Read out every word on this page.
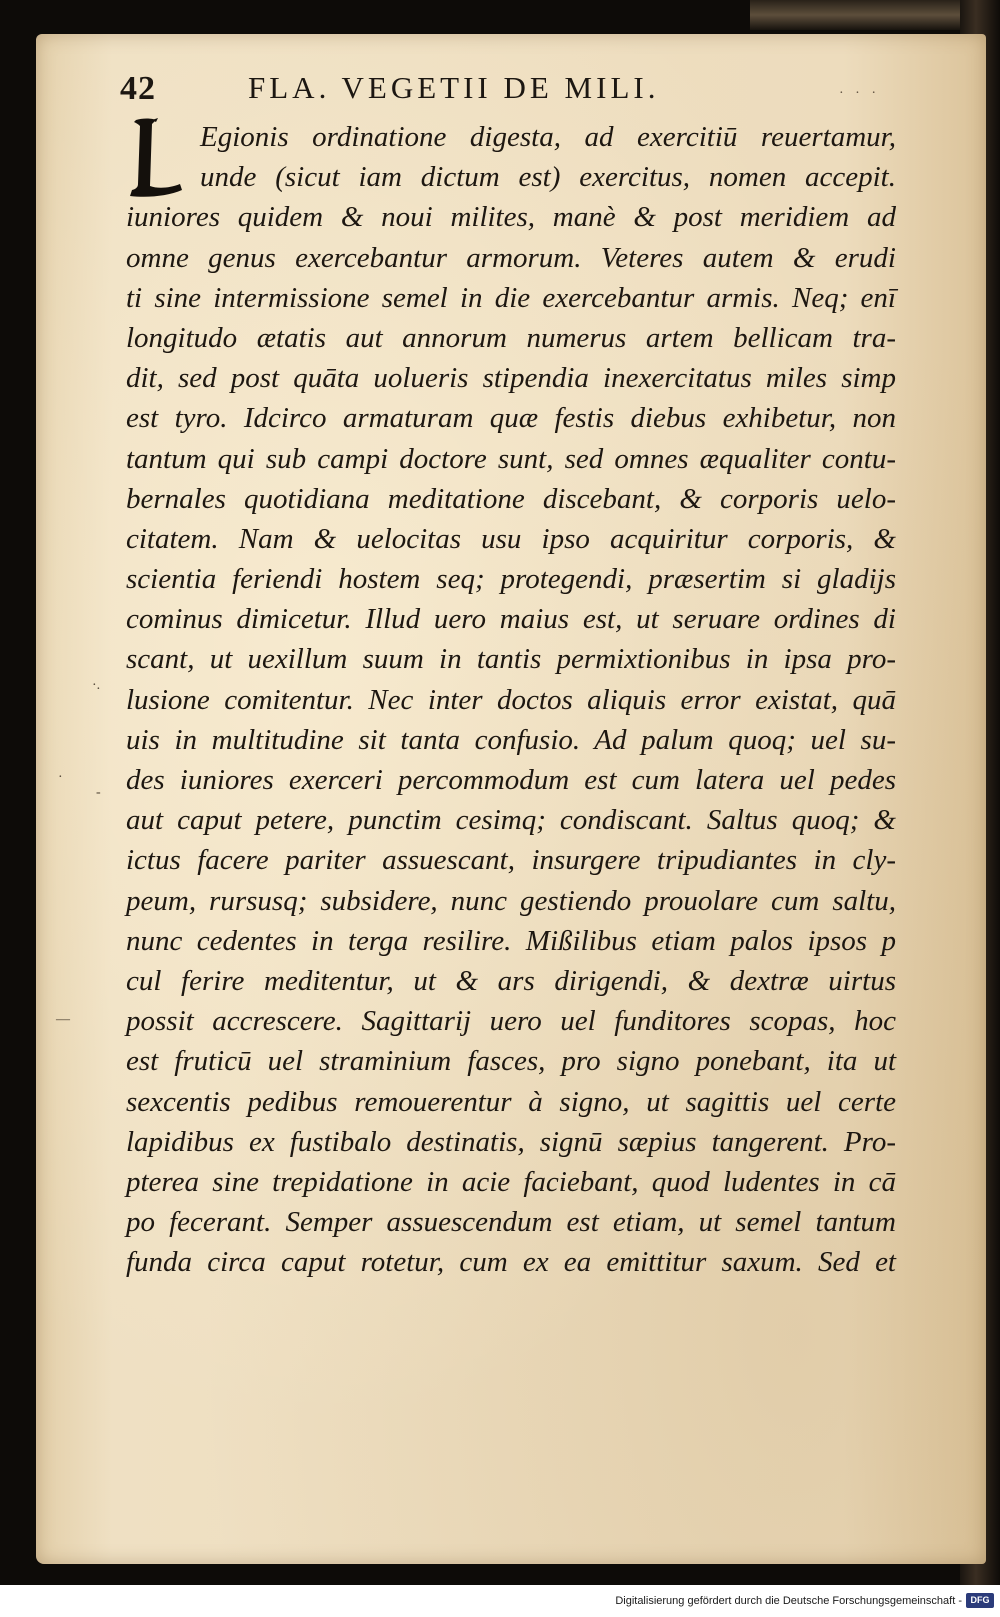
42	FLA. VEGETII DE MILI.	· · ·
Egionis ordinatione digesta, ad exercitiū reuertamur,
unde (sicut iam dictum est) exercitus, nomen accepit.
iuniores quidem & noui milites, manè & post meridiem ad
omne genus exercebantur armorum. Veteres autem & erudi
ti sine intermissione semel in die exercebantur armis. Neq; enī
longitudo ætatis aut annorum numerus artem bellicam tra-
dit, sed post quāta uolueris stipendia inexercitatus miles simp
est tyro. Idcirco armaturam quæ festis diebus exhibetur, non
tantum qui sub campi doctore sunt, sed omnes æqualiter contu-
bernales quotidiana meditatione discebant, & corporis uelo-
citatem. Nam & uelocitas usu ipso acquiritur corporis, &
scientia feriendi hostem seq; protegendi, præsertim si gladijs
cominus dimicetur. Illud uero maius est, ut seruare ordines di
scant, ut uexillum suum in tantis permixtionibus in ipsa pro-
lusione comitentur. Nec inter doctos aliquis error existat, quā
uis in multitudine sit tanta confusio. Ad palum quoq; uel su-
des iuniores exerceri percommodum est cum latera uel pedes
aut caput petere, punctim cesimq; condiscant. Saltus quoq; &
ictus facere pariter assuescant, insurgere tripudiantes in cly-
peum, rursusq; subsidere, nunc gestiendo prouolare cum saltu,
nunc cedentes in terga resilire. Mißilibus etiam palos ipsos p
cul ferire meditentur, ut & ars dirigendi, & dextræ uirtus
possit accrescere. Sagittarij uero uel funditores scopas, hoc
est fruticū uel straminium fasces, pro signo ponebant, ita ut
sexcentis pedibus remouerentur à signo, ut sagittis uel certe
lapidibus ex fustibalo destinatis, signū sæpius tangerent. Pro-
pterea sine trepidatione in acie faciebant, quod ludentes in cā
po fecerant. Semper assuescendum est etiam, ut semel tantum
funda circa caput rotetur, cum ex ea emittitur saxum. Sed et
·.
·
-
—
Digitalisierung gefördert durch die Deutsche Forschungsgemeinschaft - DFG
